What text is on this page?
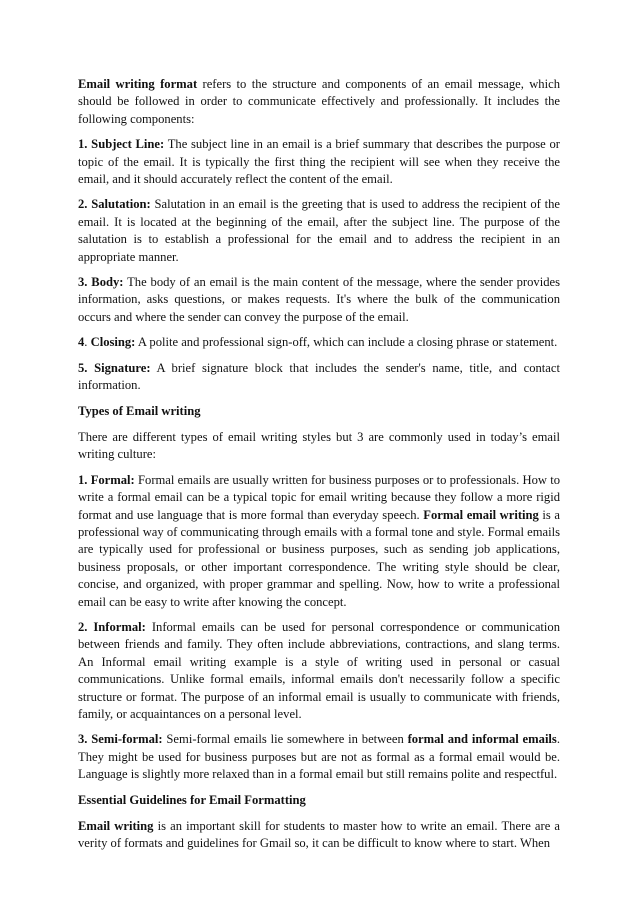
Email writing format refers to the structure and components of an email message, which should be followed in order to communicate effectively and professionally. It includes the following components:

1. Subject Line: The subject line in an email is a brief summary that describes the purpose or topic of the email. It is typically the first thing the recipient will see when they receive the email, and it should accurately reflect the content of the email.

2. Salutation: Salutation in an email is the greeting that is used to address the recipient of the email. It is located at the beginning of the email, after the subject line. The purpose of the salutation is to establish a professional for the email and to address the recipient in an appropriate manner.

3. Body: The body of an email is the main content of the message, where the sender provides information, asks questions, or makes requests. It's where the bulk of the communication occurs and where the sender can convey the purpose of the email.

4. Closing: A polite and professional sign-off, which can include a closing phrase or statement.

5. Signature: A brief signature block that includes the sender's name, title, and contact information.

Types of Email writing

There are different types of email writing styles but 3 are commonly used in today’s email writing culture:

1. Formal: Formal emails are usually written for business purposes or to professionals. How to write a formal email can be a typical topic for email writing because they follow a more rigid format and use language that is more formal than everyday speech. Formal email writing is a professional way of communicating through emails with a formal tone and style. Formal emails are typically used for professional or business purposes, such as sending job applications, business proposals, or other important correspondence. The writing style should be clear, concise, and organized, with proper grammar and spelling. Now, how to write a professional email can be easy to write after knowing the concept.

2. Informal: Informal emails can be used for personal correspondence or communication between friends and family. They often include abbreviations, contractions, and slang terms. An Informal email writing example is a style of writing used in personal or casual communications. Unlike formal emails, informal emails don't necessarily follow a specific structure or format. The purpose of an informal email is usually to communicate with friends, family, or acquaintances on a personal level.

3. Semi-formal: Semi-formal emails lie somewhere in between formal and informal emails. They might be used for business purposes but are not as formal as a formal email would be. Language is slightly more relaxed than in a formal email but still remains polite and respectful.

Essential Guidelines for Email Formatting

Email writing is an important skill for students to master how to write an email. There are a verity of formats and guidelines for Gmail so, it can be difficult to know where to start. When
